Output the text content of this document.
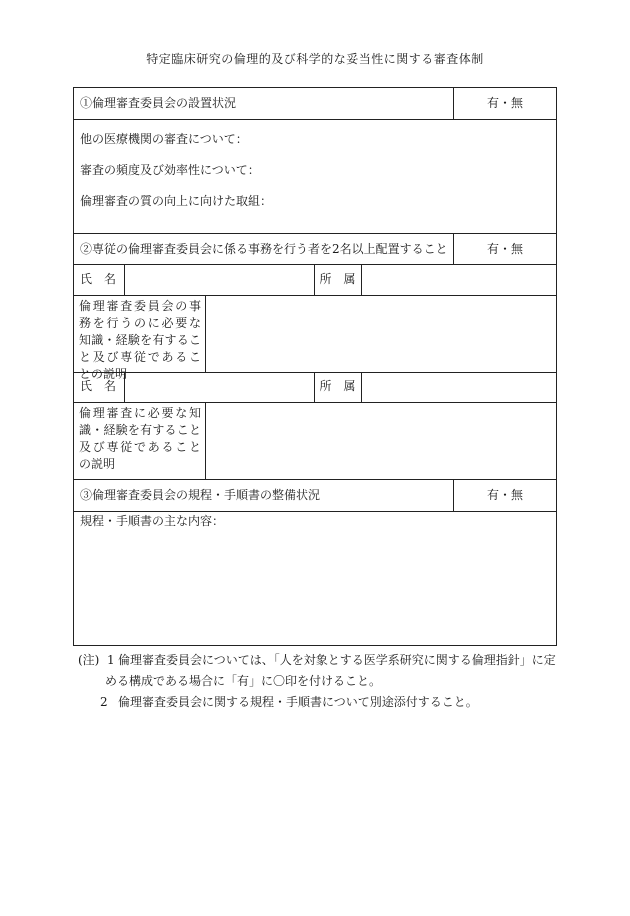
特定臨床研究の倫理的及び科学的な妥当性に関する審査体制
①倫理審査委員会の設置状況	有・無
他の医療機関の審査について：
審査の頻度及び効率性について：
倫理審査の質の向上に向けた取組：
②専従の倫理審査委員会に係る事務を行う者を2名以上配置すること	有・無
氏　名	所　属
倫理審査委員会の事
務を行うのに必要な
知識・経験を有するこ
と及び専従であるこ
との説明
氏　名	所　属
倫理審査に必要な知
識・経験を有すること
及び専従であること
の説明
③倫理審査委員会の規程・手順書の整備状況	有・無
規程・手順書の主な内容：
(注) 1 倫理審査委員会については、「人を対象とする医学系研究に関する倫理指針」に定
める構成である場合に「有」に〇印を付けること。
2 倫理審査委員会に関する規程・手順書について別途添付すること。
